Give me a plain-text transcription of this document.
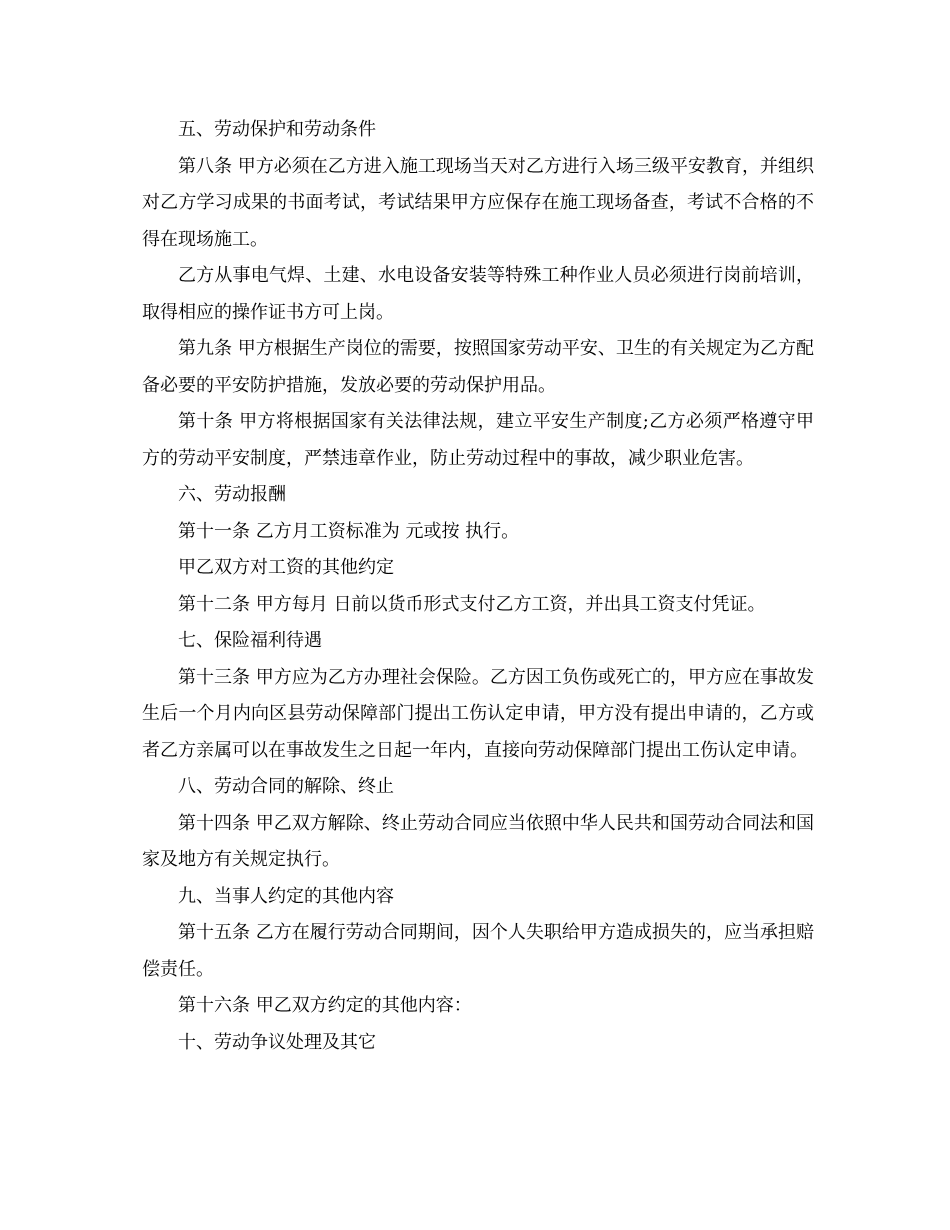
五、劳动保护和劳动条件

第八条 甲方必须在乙方进入施工现场当天对乙方进行入场三级平安教育，并组织对乙方学习成果的书面考试，考试结果甲方应保存在施工现场备查，考试不合格的不得在现场施工。

乙方从事电气焊、土建、水电设备安装等特殊工种作业人员必须进行岗前培训，取得相应的操作证书方可上岗。

第九条 甲方根据生产岗位的需要，按照国家劳动平安、卫生的有关规定为乙方配备必要的平安防护措施，发放必要的劳动保护用品。

第十条 甲方将根据国家有关法律法规，建立平安生产制度;乙方必须严格遵守甲方的劳动平安制度，严禁违章作业，防止劳动过程中的事故，减少职业危害。

六、劳动报酬

第十一条 乙方月工资标准为 元或按 执行。

甲乙双方对工资的其他约定

第十二条 甲方每月 日前以货币形式支付乙方工资，并出具工资支付凭证。

七、保险福利待遇

第十三条 甲方应为乙方办理社会保险。乙方因工负伤或死亡的，甲方应在事故发生后一个月内向区县劳动保障部门提出工伤认定申请，甲方没有提出申请的，乙方或者乙方亲属可以在事故发生之日起一年内，直接向劳动保障部门提出工伤认定申请。

八、劳动合同的解除、终止

第十四条 甲乙双方解除、终止劳动合同应当依照中华人民共和国劳动合同法和国家及地方有关规定执行。

九、当事人约定的其他内容

第十五条 乙方在履行劳动合同期间，因个人失职给甲方造成损失的，应当承担赔偿责任。

第十六条 甲乙双方约定的其他内容：

十、劳动争议处理及其它
